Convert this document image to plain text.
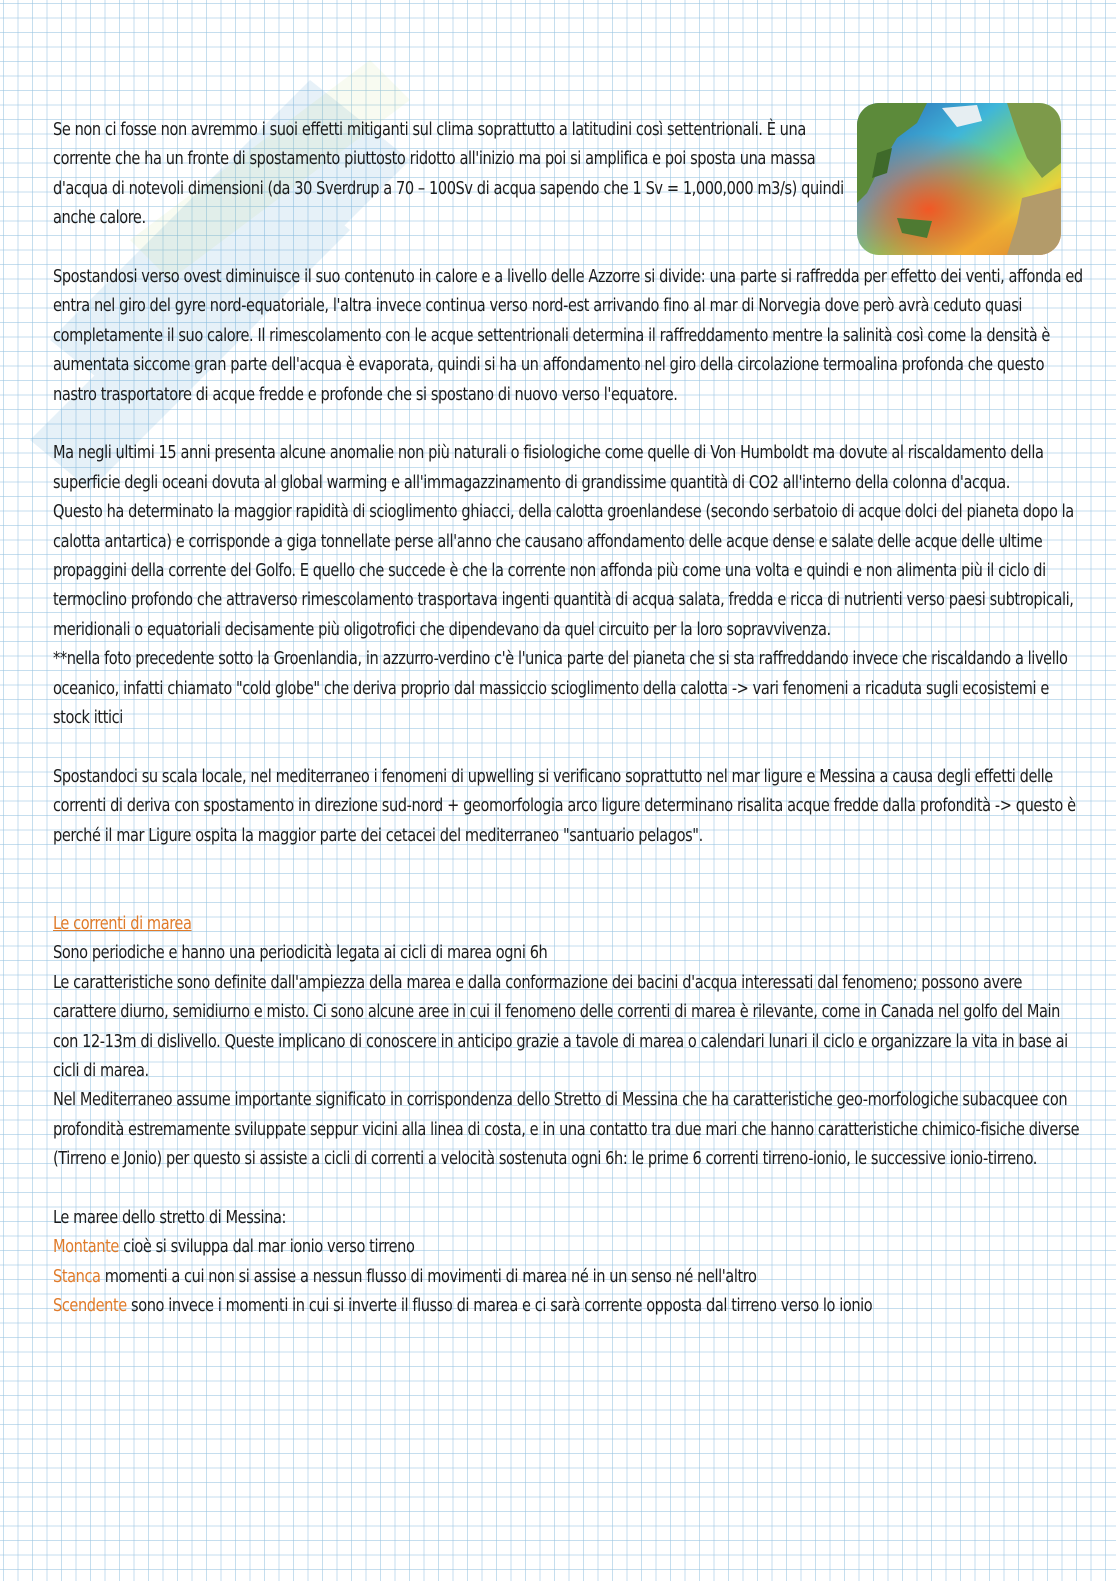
Se non ci fosse non avremmo i suoi effetti mitiganti sul clima soprattutto a latitudini così settentrionali. È una corrente che ha un fronte di spostamento piuttosto ridotto all'inizio ma poi si amplifica e poi sposta una massa d'acqua di notevoli dimensioni (da 30 Sverdrup a 70 – 100Sv di acqua sapendo che 1 Sv = 1,000,000 m3/s) quindi anche calore.

Spostandosi verso ovest diminuisce il suo contenuto in calore e a livello delle Azzorre si divide: una parte si raffredda per effetto dei venti, affonda ed entra nel giro del gyre nord-equatoriale, l'altra invece continua verso nord-est arrivando fino al mar di Norvegia dove però avrà ceduto quasi completamente il suo calore. Il rimescolamento con le acque settentrionali determina il raffreddamento mentre la salinità così come la densità è aumentata siccome gran parte dell'acqua è evaporata, quindi si ha un affondamento nel giro della circolazione termoalina profonda che questo nastro trasportatore di acque fredde e profonde che si spostano di nuovo verso l'equatore.

Ma negli ultimi 15 anni presenta alcune anomalie non più naturali o fisiologiche come quelle di Von Humboldt ma dovute al riscaldamento della superficie degli oceani dovuta al global warming e all'immagazzinamento di grandissime quantità di CO2 all'interno della colonna d'acqua.

Questo ha determinato la maggior rapidità di scioglimento ghiacci, della calotta groenlandese (secondo serbatoio di acque dolci del pianeta dopo la calotta antartica) e corrisponde a giga tonnellate perse all'anno che causano affondamento delle acque dense e salate delle acque delle ultime propaggini della corrente del Golfo. E quello che succede è che la corrente non affonda più come una volta e quindi e non alimenta più il ciclo di termoclino profondo che attraverso rimescolamento trasportava ingenti quantità di acqua salata, fredda e ricca di nutrienti verso paesi subtropicali, meridionali o equatoriali decisamente più oligotrofici che dipendevano da quel circuito per la loro sopravvivenza.

**nella foto precedente sotto la Groenlandia, in azzurro-verdino c'è l'unica parte del pianeta che si sta raffreddando invece che riscaldando a livello oceanico, infatti chiamato "cold globe" che deriva proprio dal massiccio scioglimento della calotta -> vari fenomeni a ricaduta sugli ecosistemi e stock ittici

Spostandoci su scala locale, nel mediterraneo i fenomeni di upwelling si verificano soprattutto nel mar ligure e Messina a causa degli effetti delle correnti di deriva con spostamento in direzione sud-nord + geomorfologia arco ligure determinano risalita acque fredde dalla profondità -> questo è perché il mar Ligure ospita la maggior parte dei cetacei del mediterraneo "santuario pelagos".

Le correnti di marea

Sono periodiche e hanno una periodicità legata ai cicli di marea ogni 6h

Le caratteristiche sono definite dall'ampiezza della marea e dalla conformazione dei bacini d'acqua interessati dal fenomeno; possono avere carattere diurno, semidiurno e misto. Ci sono alcune aree in cui il fenomeno delle correnti di marea è rilevante, come in Canada nel golfo del Main con 12-13m di dislivello. Queste implicano di conoscere in anticipo grazie a tavole di marea o calendari lunari il ciclo e organizzare la vita in base ai cicli di marea.

Nel Mediterraneo assume importante significato in corrispondenza dello Stretto di Messina che ha caratteristiche geo-morfologiche subacquee con profondità estremamente sviluppate seppur vicini alla linea di costa, e in una contatto tra due mari che hanno caratteristiche chimico-fisiche diverse (Tirreno e Jonio) per questo si assiste a cicli di correnti a velocità sostenuta ogni 6h: le prime 6 correnti tirreno-ionio, le successive ionio-tirreno.

Le maree dello stretto di Messina:

Montante cioè si sviluppa dal mar ionio verso tirreno

Stanca momenti a cui non si assise a nessun flusso di movimenti di marea né in un senso né nell'altro

Scendente sono invece i momenti in cui si inverte il flusso di marea e ci sarà corrente opposta dal tirreno verso lo ionio
